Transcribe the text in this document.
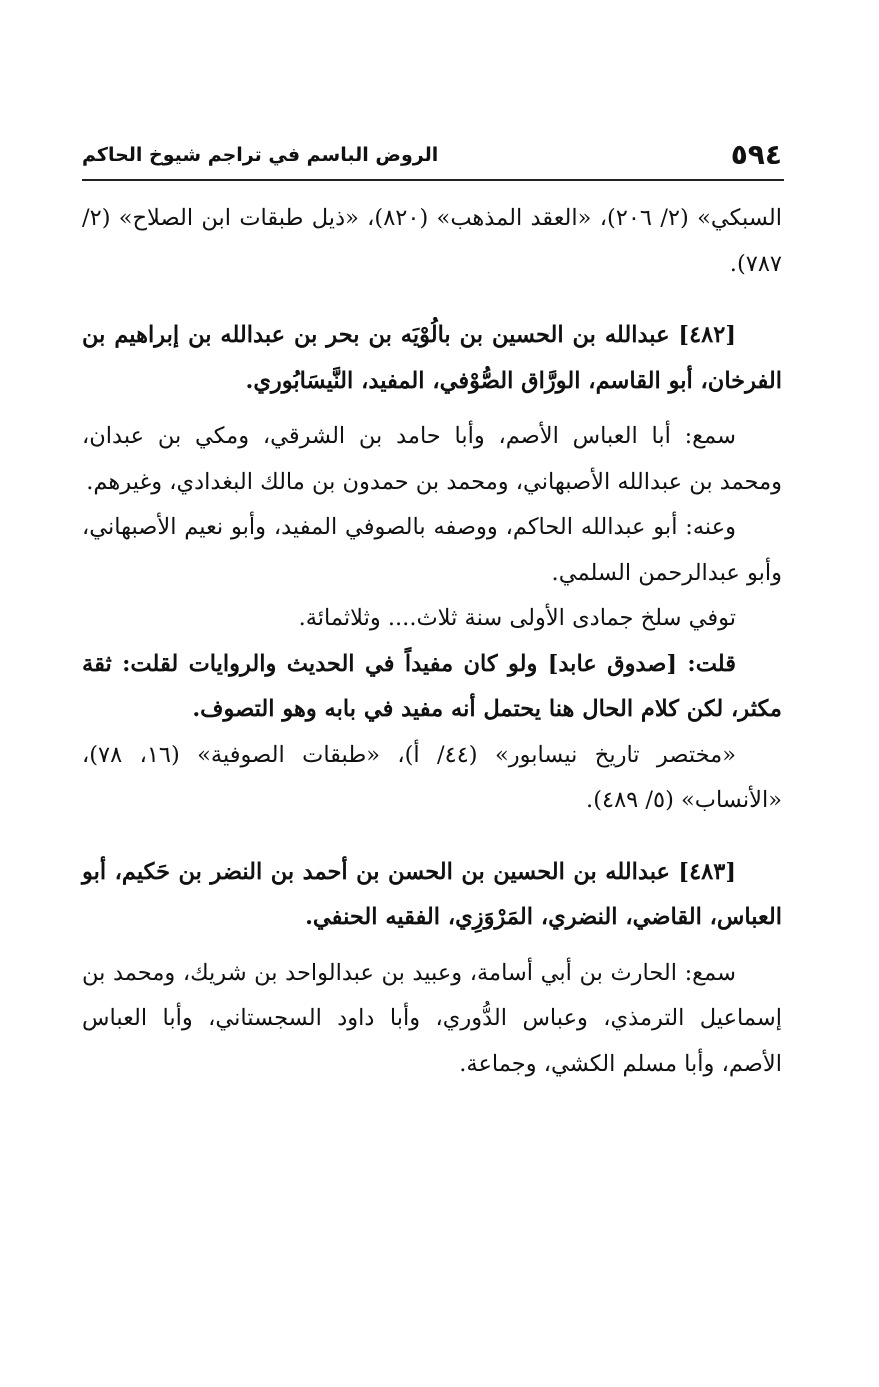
٥٩٤
الروض الباسم في تراجم شيوخ الحاكم

السبكي» (٢/ ٢٠٦)، «العقد المذهب» (٨٢٠)، «ذيل طبقات ابن الصلاح» (٢/ ٧٨٧).

[٤٨٢] عبدالله بن الحسين بن بالُوْيَه بن بحر بن عبدالله بن إبراهيم بن الفرخان، أبو القاسم، الورَّاق الصُّوْفي، المفيد، النَّيسَابُوري.

سمع: أبا العباس الأصم، وأبا حامد بن الشرقي، ومكي بن عبدان، ومحمد بن عبدالله الأصبهاني، ومحمد بن حمدون بن مالك البغدادي، وغيرهم.

وعنه: أبو عبدالله الحاكم، ووصفه بالصوفي المفيد، وأبو نعيم الأصبهاني، وأبو عبدالرحمن السلمي.

توفي سلخ جمادى الأولى سنة ثلاث.... وثلاثمائة.

قلت: [صدوق عابد] ولو كان مفيداً في الحديث والروايات لقلت: ثقة مكثر، لكن كلام الحال هنا يحتمل أنه مفيد في بابه وهو التصوف.

«مختصر تاريخ نيسابور» (٤٤/ أ)، «طبقات الصوفية» (١٦، ٧٨)، «الأنساب» (٥/ ٤٨٩).

[٤٨٣] عبدالله بن الحسين بن الحسن بن أحمد بن النضر بن حَكيم، أبو العباس، القاضي، النضري، المَرْوَزِي، الفقيه الحنفي.

سمع: الحارث بن أبي أسامة، وعبيد بن عبدالواحد بن شريك، ومحمد بن إسماعيل الترمذي، وعباس الدُّوري، وأبا داود السجستاني، وأبا العباس الأصم، وأبا مسلم الكشي، وجماعة.
